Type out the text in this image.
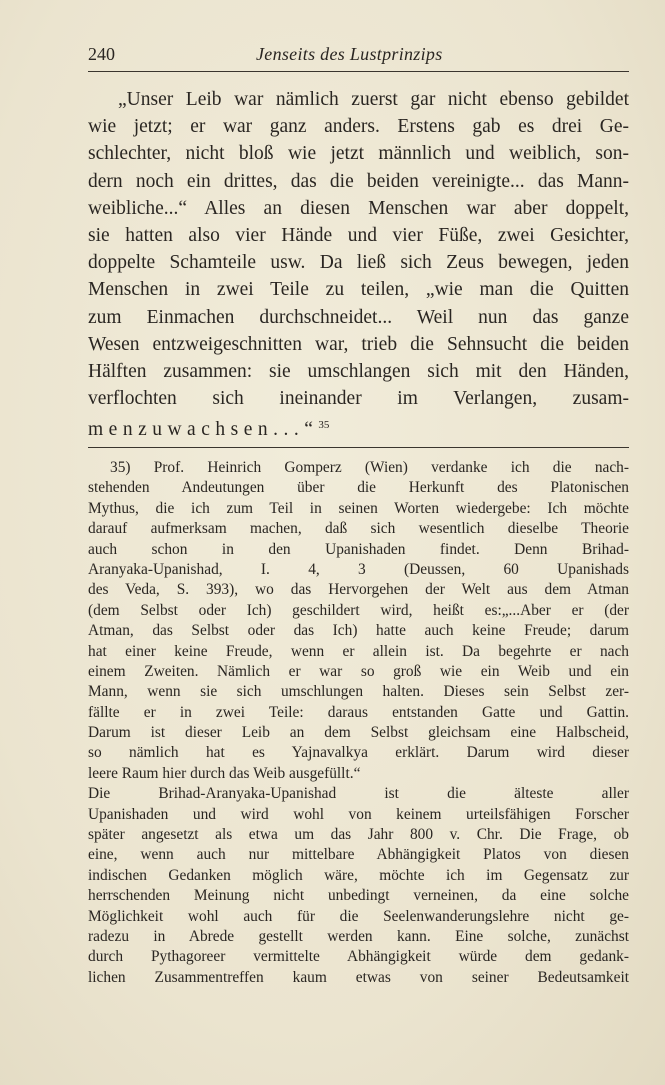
240	Jenseits des Lustprinzips
„Unser Leib war nämlich zuerst gar nicht ebenso gebildet
wie jetzt; er war ganz anders. Erstens gab es drei Ge-
schlechter, nicht bloß wie jetzt männlich und weiblich, son-
dern noch ein drittes, das die beiden vereinigte... das Mann-
weibliche...“ Alles an diesen Menschen war aber doppelt,
sie hatten also vier Hände und vier Füße, zwei Gesichter,
doppelte Schamteile usw. Da ließ sich Zeus bewegen, jeden
Menschen in zwei Teile zu teilen, „wie man die Quitten
zum Einmachen durchschneidet... Weil nun das ganze
Wesen entzweigeschnitten war, trieb die Sehnsucht die beiden
Hälften zusammen: sie umschlangen sich mit den Händen,
verflochten sich ineinander im Verlangen, zusam-
menzuwachsen...“$^{35}$
35) Prof. Heinrich Gomperz (Wien) verdanke ich die nach-
stehenden Andeutungen über die Herkunft des Platonischen
Mythus, die ich zum Teil in seinen Worten wiedergebe: Ich möchte
darauf aufmerksam machen, daß sich wesentlich dieselbe Theorie
auch schon in den Upanishaden findet. Denn Brihad-
Aranyaka-Upanishad, I. 4, 3 (Deussen, 60 Upanishads
des Veda, S. 393), wo das Hervorgehen der Welt aus dem Atman
(dem Selbst oder Ich) geschildert wird, heißt es:„...Aber er (der
Atman, das Selbst oder das Ich) hatte auch keine Freude; darum
hat einer keine Freude, wenn er allein ist. Da begehrte er nach
einem Zweiten. Nämlich er war so groß wie ein Weib und ein
Mann, wenn sie sich umschlungen halten. Dieses sein Selbst zer-
fällte er in zwei Teile: daraus entstanden Gatte und Gattin.
Darum ist dieser Leib an dem Selbst gleichsam eine Halbscheid,
so nämlich hat es Yajnavalkya erklärt. Darum wird dieser
leere Raum hier durch das Weib ausgefüllt.“
Die Brihad-Aranyaka-Upanishad ist die älteste aller
Upanishaden und wird wohl von keinem urteilsfähigen Forscher
später angesetzt als etwa um das Jahr 800 v. Chr. Die Frage, ob
eine, wenn auch nur mittelbare Abhängigkeit Platos von diesen
indischen Gedanken möglich wäre, möchte ich im Gegensatz zur
herrschenden Meinung nicht unbedingt verneinen, da eine solche
Möglichkeit wohl auch für die Seelenwanderungslehre nicht ge-
radezu in Abrede gestellt werden kann. Eine solche, zunächst
durch Pythagoreer vermittelte Abhängigkeit würde dem gedank-
lichen Zusammentreffen kaum etwas von seiner Bedeutsamkeit
